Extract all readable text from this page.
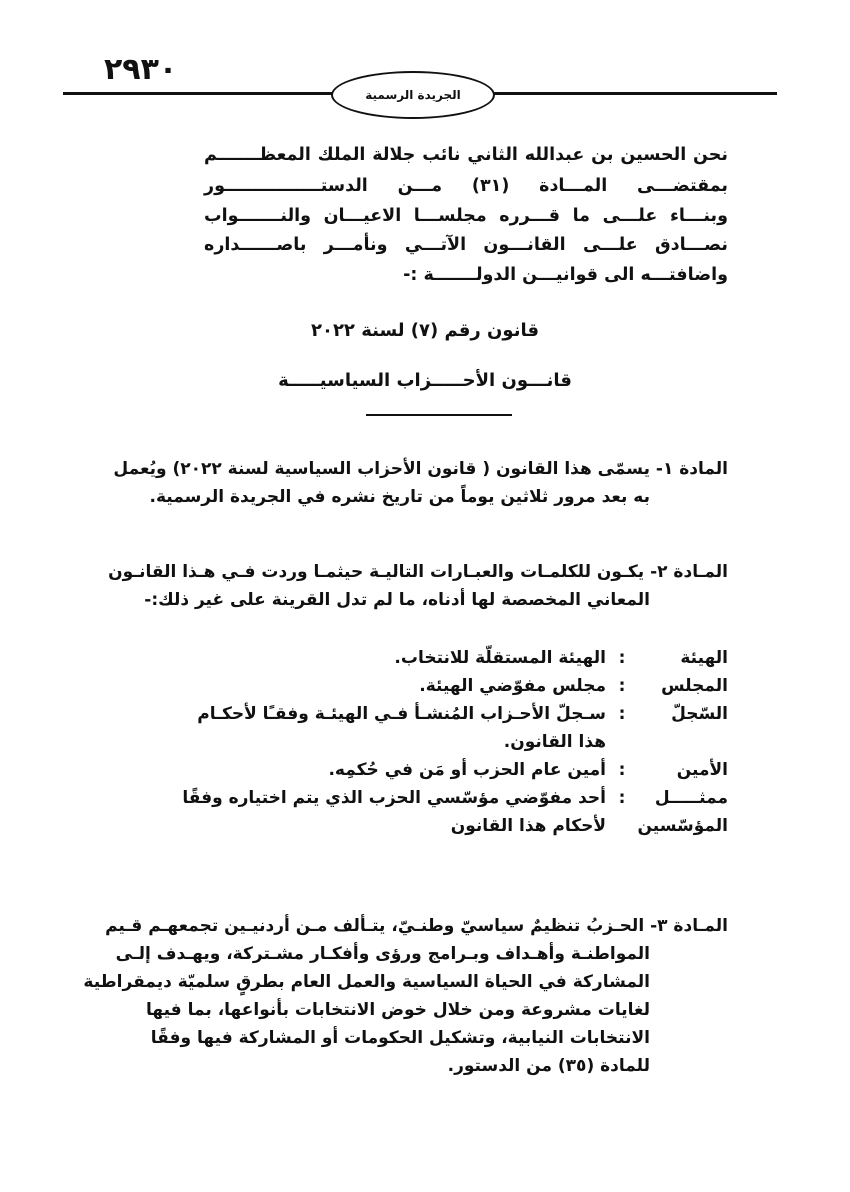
٢٩٣٠
الجريدة الرسمية
نحن الحسين بن عبدالله الثاني نائب جلالة الملك المعظـــــــم
بمقتضـــى المـــادة (٣١) مـــن الدستــــــــــــــــور
وبنـــاء علـــى ما قـــرره مجلســـا الاعيـــان والنـــــــواب
نصـــادق علـــى القانـــون الآتـــي ونأمـــر باصــــــداره
واضافتـــه الى قوانيـــن الدولـــــــة :-
قانون رقم (٧) لسنة ٢٠٢٢
قانـــون الأحـــــزاب السياسيـــــة
المادة ١- يسمّى هذا القانون ( قانون الأحزاب السياسية لسنة ٢٠٢٢) ويُعمل
به بعد مرور ثلاثين يوماً من تاريخ نشره في الجريدة الرسمية.
المـادة ٢- يكـون للكلمـات والعبـارات التاليـة حيثمـا وردت فـي هـذا القانـون
المعاني المخصصة لها أدناه، ما لم تدل القرينة على غير ذلك:-
الهيئة
:
الهيئة المستقلّة للانتخاب.
المجلس
:
مجلس مفوّضي الهيئة.
السّجلّ
:
سـجلّ الأحـزاب المُنشـأ فـي الهيئـة وفقـًا لأحكـام
هذا القانون.
الأمين
:
أمين عام الحزب أو مَن في حُكمِه.
ممثـــــل
:
أحد مفوّضي مؤسّسي الحزب الذي يتم اختياره وفقًا
المؤسّسين
لأحكام هذا القانون
المـادة ٣- الحـزبُ تنظيمٌ سياسيّ وطنـيّ، يتـألف مـن أردنيـين تجمعهـم قـيم
المواطنـة وأهـداف وبـرامج ورؤى وأفكـار مشـتركة، ويهـدف إلـى
المشاركة في الحياة السياسية والعمل العام بطرقٍ سلميّة ديمقراطية
لغايات مشروعة ومن خلال خوض الانتخابات بأنواعها، بما فيها
الانتخابات النيابية، وتشكيل الحكومات أو المشاركة فيها وفقًا
للمادة (٣٥) من الدستور.
